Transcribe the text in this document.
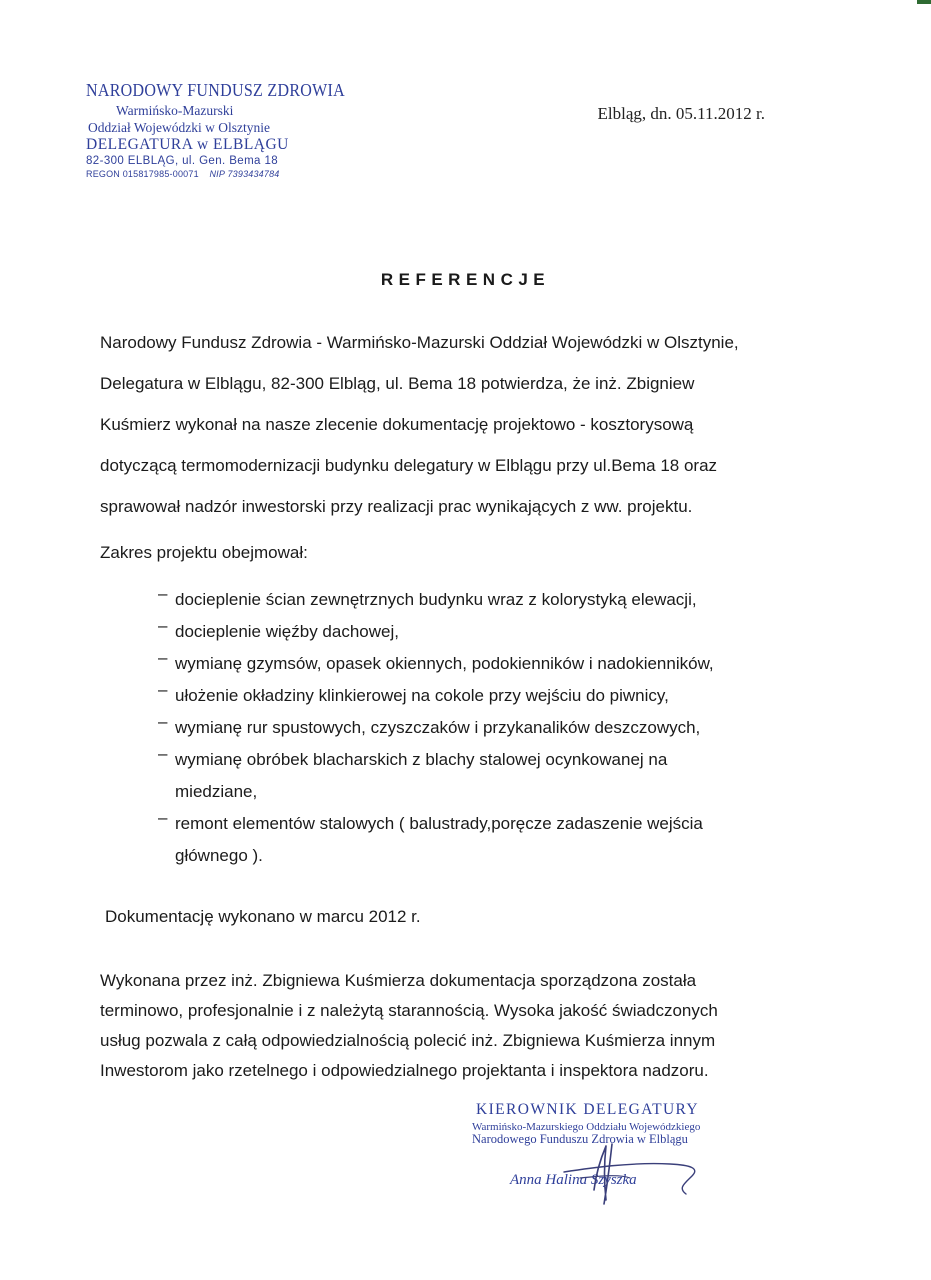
NARODOWY FUNDUSZ ZDROWIA
Warmińsko-Mazurski
Oddział Wojewódzki w Olsztynie
DELEGATURA w ELBLĄGU
82-300 ELBLĄG, ul. Gen. Bema 18
REGON 015817985-00071 NIP 7393434784
Elbląg, dn. 05.11.2012 r.
REFERENCJE
Narodowy Fundusz Zdrowia - Warmińsko-Mazurski Oddział Wojewódzki w Olsztynie,
Delegatura w Elblągu, 82-300 Elbląg, ul. Bema 18 potwierdza, że inż. Zbigniew
Kuśmierz wykonał na nasze zlecenie dokumentację projektowo - kosztorysową
dotyczącą termomodernizacji budynku delegatury w Elblągu przy ul.Bema 18 oraz
sprawował nadzór inwestorski przy realizacji prac wynikających z ww. projektu.
Zakres projektu obejmował:
– docieplenie ścian zewnętrznych budynku wraz z kolorystyką elewacji,
– docieplenie więźby dachowej,
– wymianę gzymsów, opasek okiennych, podokienników i nadokienników,
– ułożenie okładziny klinkierowej na cokole przy wejściu do piwnicy,
– wymianę rur spustowych, czyszczaków i przykanalików deszczowych,
– wymianę obróbek blacharskich z blachy stalowej ocynkowanej na
miedziane,
– remont elementów stalowych ( balustrady,poręcze zadaszenie wejścia
głównego ).
Dokumentację wykonano w marcu 2012 r.
Wykonana przez inż. Zbigniewa Kuśmierza dokumentacja sporządzona została
terminowo, profesjonalnie i z należytą starannością. Wysoka jakość świadczonych
usług pozwala z całą odpowiedzialnością polecić inż. Zbigniewa Kuśmierza innym
Inwestorom jako rzetelnego i odpowiedzialnego projektanta i inspektora nadzoru.
KIEROWNIK DELEGATURY
Warmińsko-Mazurskiego Oddziału Wojewódzkiego
Narodowego Funduszu Zdrowia w Elblągu
Anna Halina Szyszka
